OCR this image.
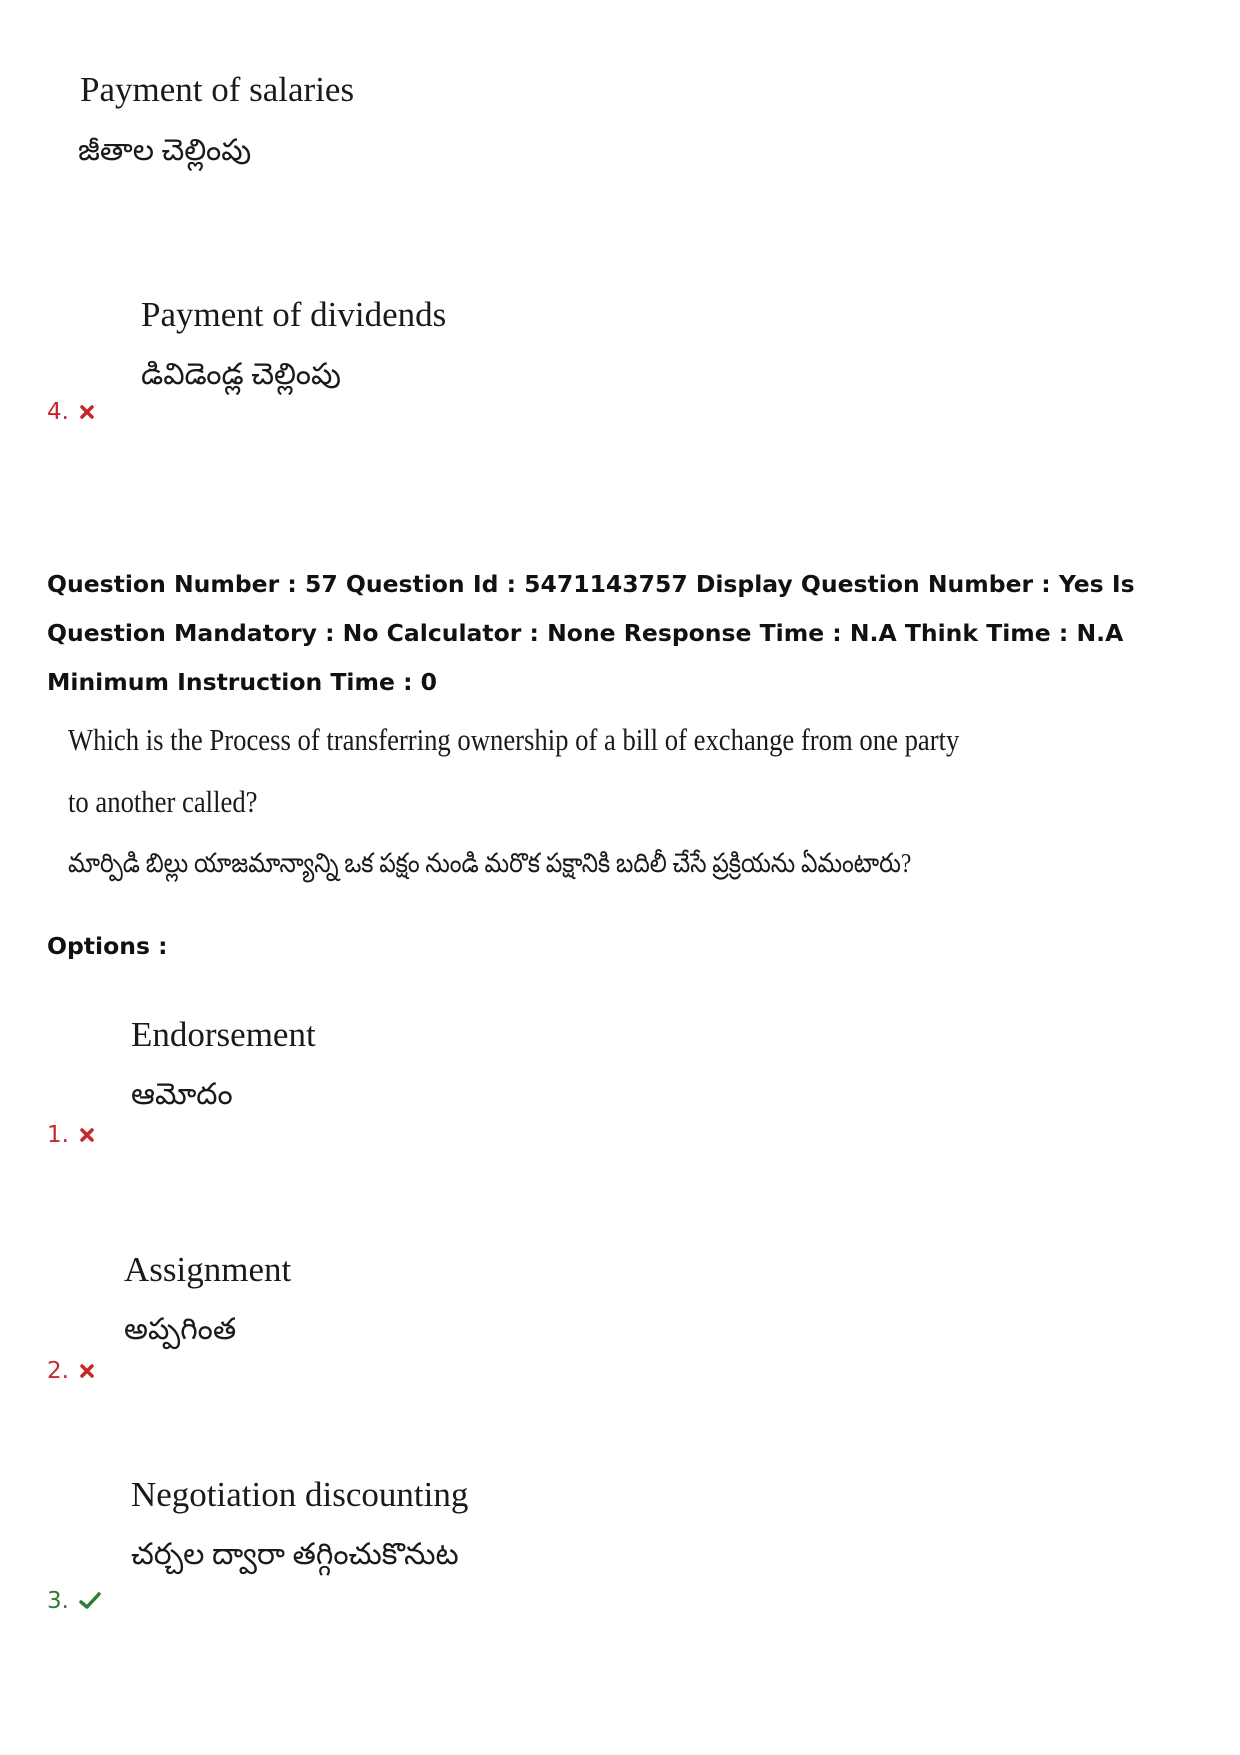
Payment of salaries
జీతాల చెల్లింపు
Payment of dividends
డివిడెండ్ల చెల్లింపు
4.
Question Number : 57 Question Id : 5471143757 Display Question Number : Yes Is Question Mandatory : No Calculator : None Response Time : N.A Think Time : N.A Minimum Instruction Time : 0
Which is the Process of transferring ownership of a bill of exchange from one party
to another called?
మార్పిడి బిల్లు యాజమాన్యాన్ని ఒక పక్షం నుండి మరొక పక్షానికి బదిలీ చేసే ప్రక్రియను ఏమంటారు?
Options :
Endorsement
ఆమోదం
1.
Assignment
అప్పగింత
2.
Negotiation discounting
చర్చల ద్వారా తగ్గించుకొనుట
3.
